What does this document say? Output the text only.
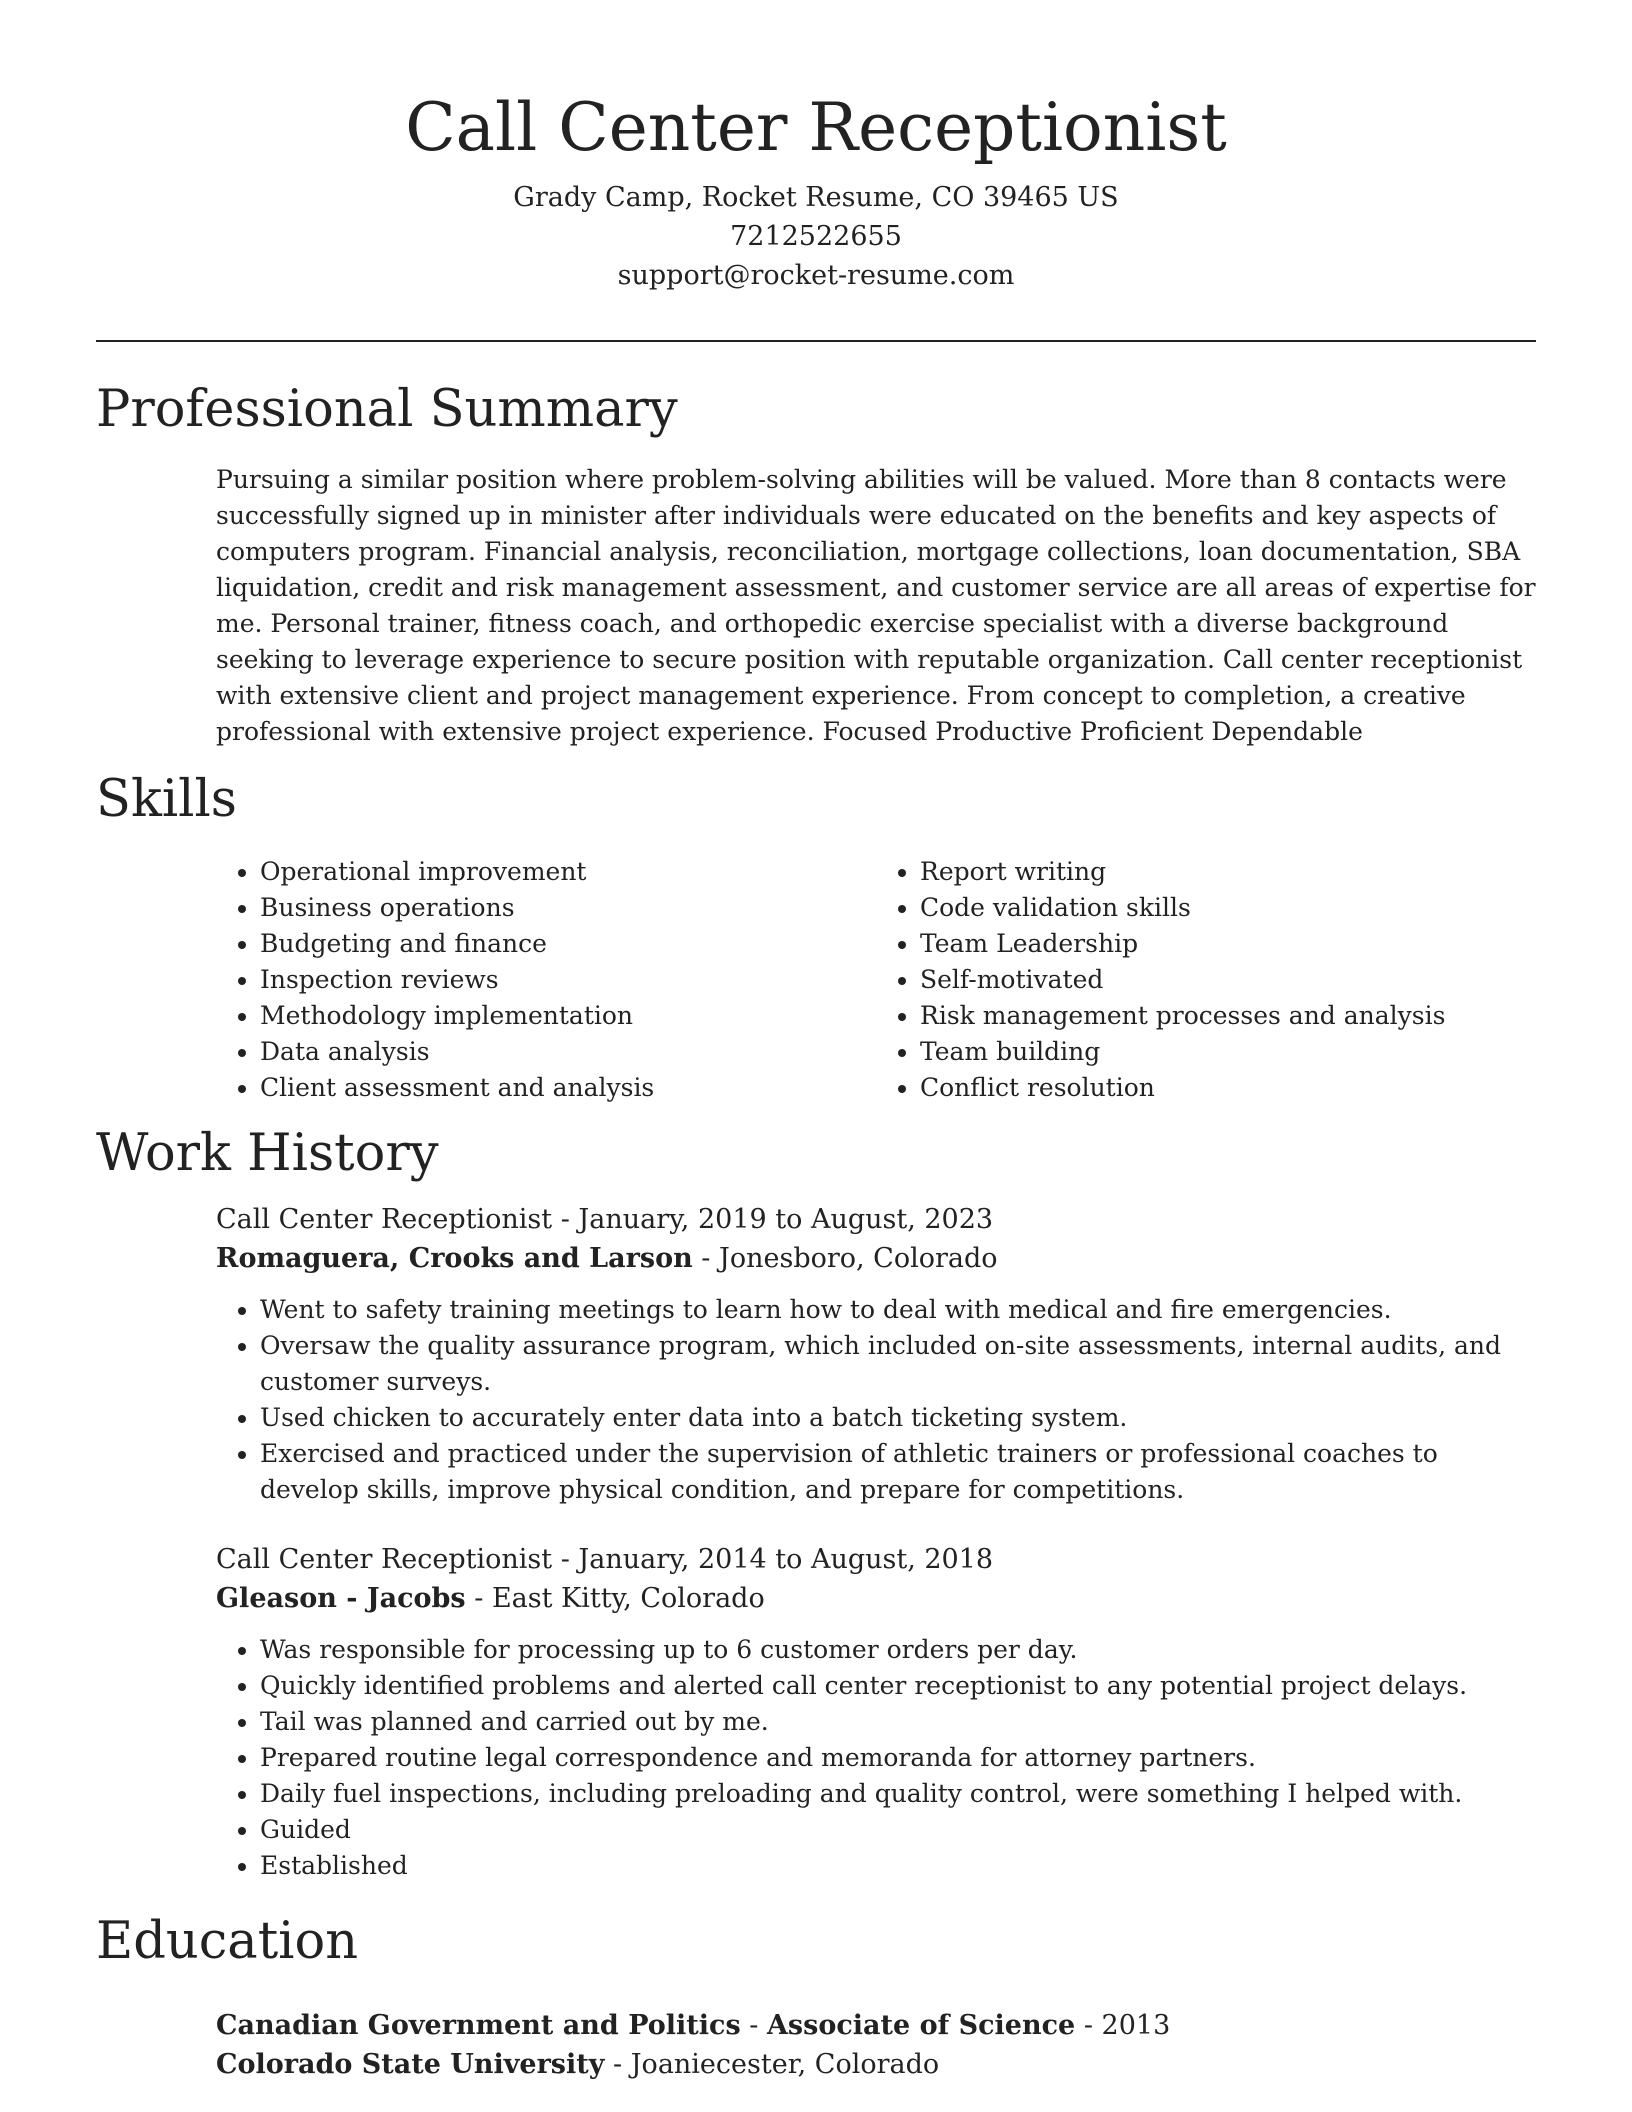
Call Center Receptionist
Grady Camp, Rocket Resume, CO 39465 US
7212522655
support@rocket-resume.com
Professional Summary
Pursuing a similar position where problem-solving abilities will be valued. More than 8 contacts were successfully signed up in minister after individuals were educated on the benefits and key aspects of computers program. Financial analysis, reconciliation, mortgage collections, loan documentation, SBA liquidation, credit and risk management assessment, and customer service are all areas of expertise for me. Personal trainer, fitness coach, and orthopedic exercise specialist with a diverse background seeking to leverage experience to secure position with reputable organization. Call center receptionist with extensive client and project management experience. From concept to completion, a creative professional with extensive project experience. Focused Productive Proficient Dependable
Skills
• Operational improvement
• Business operations
• Budgeting and finance
• Inspection reviews
• Methodology implementation
• Data analysis
• Client assessment and analysis
• Report writing
• Code validation skills
• Team Leadership
• Self-motivated
• Risk management processes and analysis
• Team building
• Conflict resolution
Work History
Call Center Receptionist - January, 2019 to August, 2023
Romaguera, Crooks and Larson - Jonesboro, Colorado
• Went to safety training meetings to learn how to deal with medical and fire emergencies.
• Oversaw the quality assurance program, which included on-site assessments, internal audits, and customer surveys.
• Used chicken to accurately enter data into a batch ticketing system.
• Exercised and practiced under the supervision of athletic trainers or professional coaches to develop skills, improve physical condition, and prepare for competitions.
Call Center Receptionist - January, 2014 to August, 2018
Gleason - Jacobs - East Kitty, Colorado
• Was responsible for processing up to 6 customer orders per day.
• Quickly identified problems and alerted call center receptionist to any potential project delays.
• Tail was planned and carried out by me.
• Prepared routine legal correspondence and memoranda for attorney partners.
• Daily fuel inspections, including preloading and quality control, were something I helped with.
• Guided
• Established
Education
Canadian Government and Politics - Associate of Science - 2013
Colorado State University - Joaniecester, Colorado
